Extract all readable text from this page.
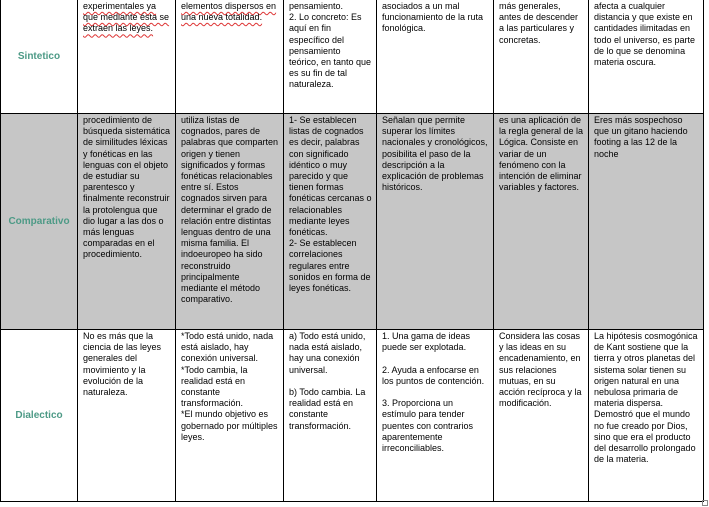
Sintetico
experimentales ya que mediante ésta se extraen las leyes.
elementos dispersos en una nueva totalidad.
pensamiento.
2. Lo concreto: Es aquí en fin específico del pensamiento teórico, en tanto que es su fin de tal naturaleza.
asociados a un mal funcionamiento de la ruta fonológica.
más generales, antes de descender a las particulares y concretas.
afecta a cualquier distancia y que existe en cantidades ilimitadas en todo el universo, es parte de lo que se denomina materia oscura.
Comparativo
procedimiento de búsqueda sistemática de similitudes léxicas y fonéticas en las lenguas con el objeto de estudiar su parentesco y finalmente reconstruir la protolengua que dio lugar a las dos o más lenguas comparadas en el procedimiento.
utiliza listas de cognados, pares de palabras que comparten origen y tienen significados y formas fonéticas relacionables entre sí. Estos cognados sirven para determinar el grado de relación entre distintas lenguas dentro de una misma familia. El indoeuropeo ha sido reconstruido principalmente mediante el método comparativo.
1- Se establecen listas de cognados es decir, palabras con significado idéntico o muy parecido y que tienen formas fonéticas cercanas o relacionables mediante leyes fonéticas.
2- Se establecen correlaciones regulares entre sonidos en forma de leyes fonéticas.
Señalan que permite superar los límites nacionales y cronológicos, posibilita el paso de la descripción a la explicación de problemas históricos.
es una aplicación de la regla general de la Lógica. Consiste en variar de un fenómeno con la intención de eliminar variables y factores.
Eres más sospechoso que un gitano haciendo footing a las 12 de la noche
Dialectico
No es más que la ciencia de las leyes generales del movimiento y la evolución de la naturaleza.
*Todo está unido, nada está aislado, hay conexión universal.
*Todo cambia, la realidad está en constante transformación.
*El mundo objetivo es gobernado por múltiples leyes.
a) Todo está unido, nada está aislado, hay una conexión universal.

b) Todo cambia. La realidad está en constante transformación.
1. Una gama de ideas puede ser explotada.

2. Ayuda a enfocarse en los puntos de contención.

3. Proporciona un estímulo para tender puentes con contrarios aparentemente irreconciliables.
Considera las cosas y las ideas en su encadenamiento, en sus relaciones mutuas, en su acción recíproca y la modificación.
La hipótesis cosmogónica de Kant sostiene que la tierra y otros planetas del sistema solar tienen su origen natural en una nebulosa primaria de materia dispersa. Demostró que el mundo no fue creado por Dios, sino que era el producto del desarrollo prolongado de la materia.
